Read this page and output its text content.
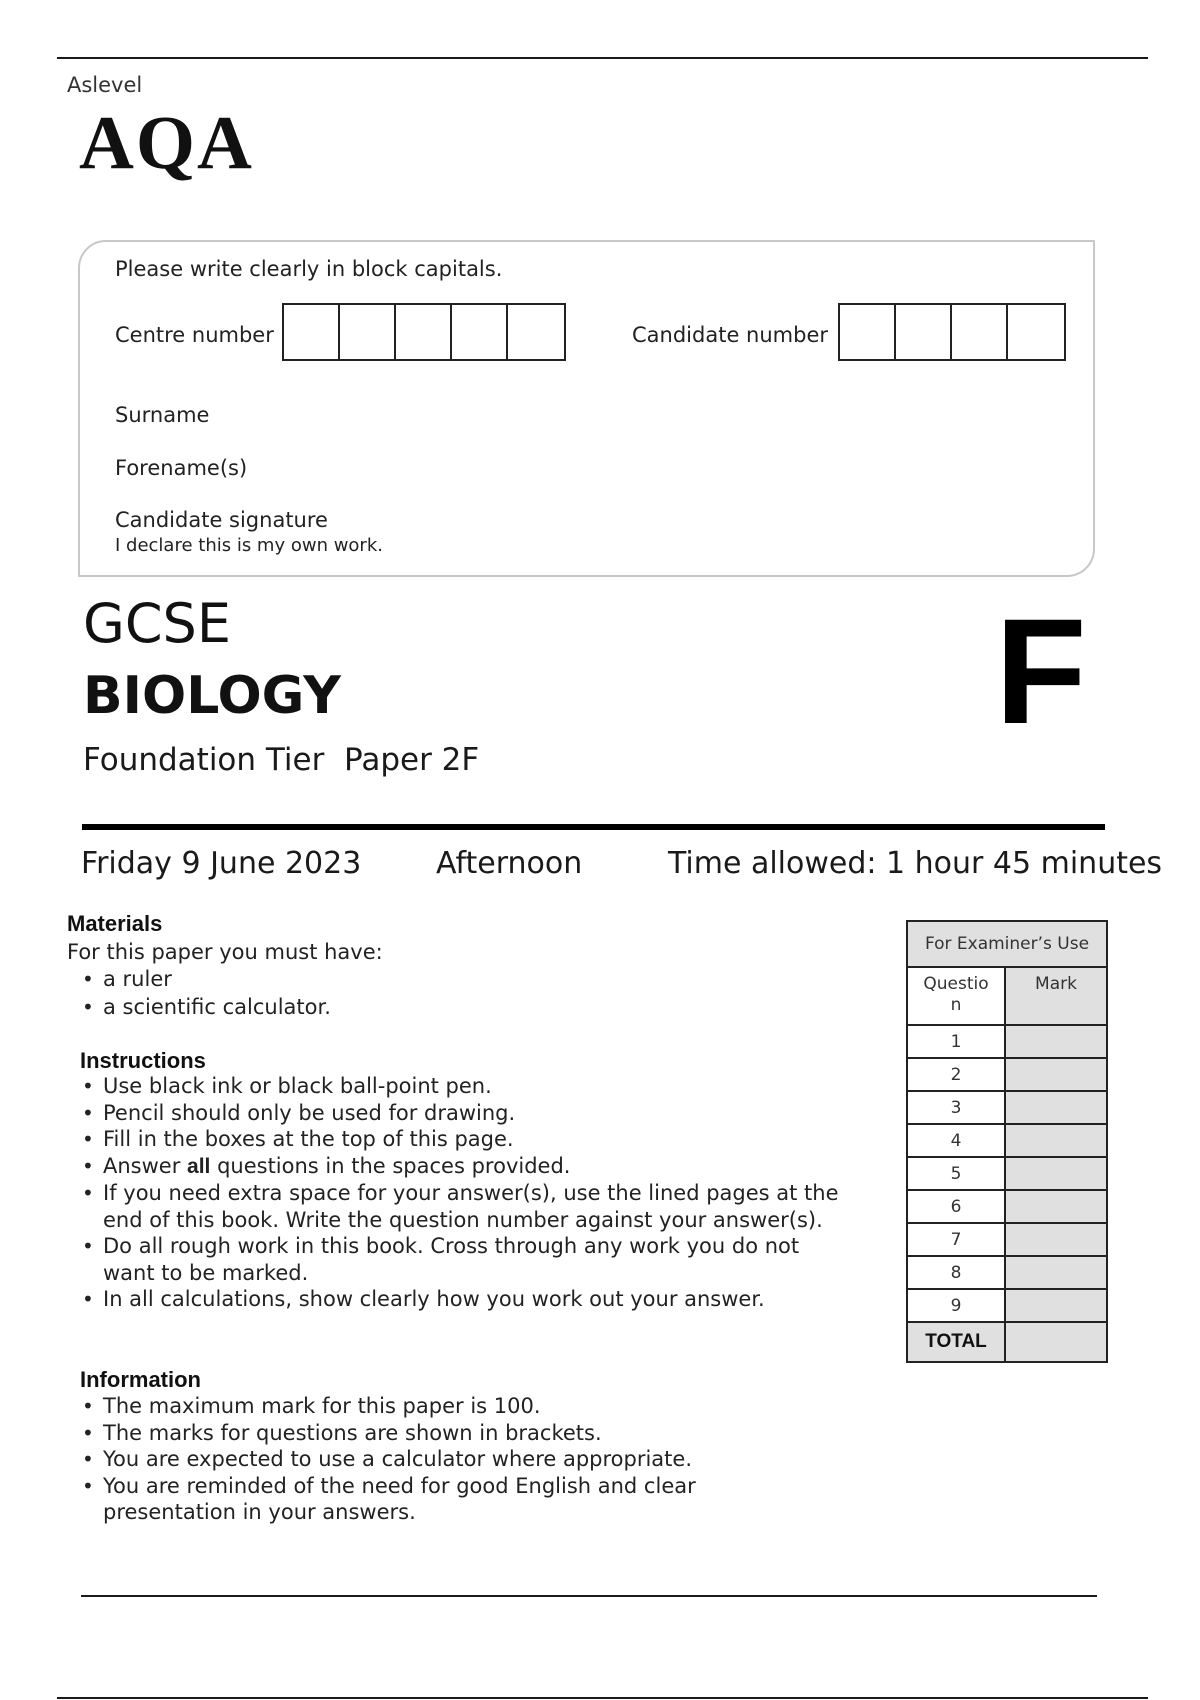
Aslevel
AQA
Please write clearly in block capitals.
Centre number	Candidate number
Surname
Forename(s)
Candidate signature
I declare this is my own work.
GCSE
BIOLOGY
Foundation Tier  Paper 2F
F
Friday 9 June 2023 Afternoon	Time allowed: 1 hour 45 minutes
Materials
For this paper you must have:
• a ruler
• a scientific calculator.
Instructions
• Use black ink or black ball-point pen.
• Pencil should only be used for drawing.
• Fill in the boxes at the top of this page.
• Answer all questions in the spaces provided.
• If you need extra space for your answer(s), use the lined pages at the end of this book. Write the question number against your answer(s).
• Do all rough work in this book. Cross through any work you do not want to be marked.
• In all calculations, show clearly how you work out your answer.
Information
• The maximum mark for this paper is 100.
• The marks for questions are shown in brackets.
• You are expected to use a calculator where appropriate.
• You are reminded of the need for good English and clear presentation in your answers.
For Examiner’s Use	
Questio n	Mark
1	
2	
3	
4	
5	
6	
7	
8	
9	
TOTAL	
